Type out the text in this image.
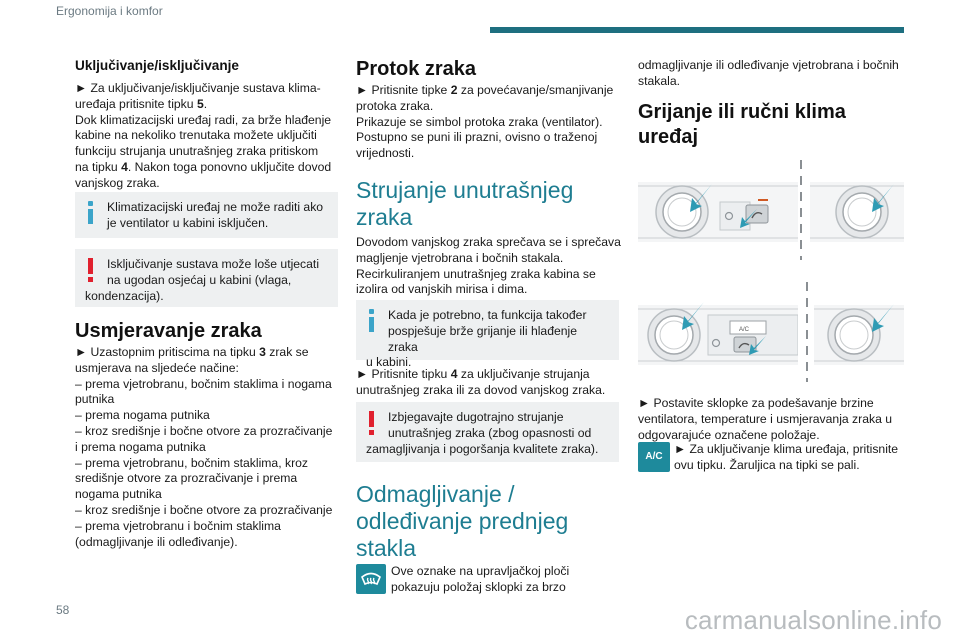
Ergonomija i komfor
Uključivanje/isključivanje
► Za uključivanje/isključivanje sustava klima-
uređaja pritisnite tipku 5.
Dok klimatizacijski uređaj radi, za brže hlađenje
kabine na nekoliko trenutaka možete uključiti
funkciju strujanja unutrašnjeg zraka pritiskom
na tipku 4. Nakon toga ponovno uključite dovod
vanjskog zraka.
Klimatizacijski uređaj ne može raditi ako
je ventilator u kabini isključen.
Isključivanje sustava može loše utjecati
na ugodan osjećaj u kabini (vlaga,
kondenzacija).
Usmjeravanje zraka
► Uzastopnim pritiscima na tipku 3 zrak se
usmjerava na sljedeće načine:
– prema vjetrobranu, bočnim staklima i nogama
putnika
– prema nogama putnika
– kroz središnje i bočne otvore za prozračivanje
i prema nogama putnika
– prema vjetrobranu, bočnim staklima, kroz
središnje otvore za prozračivanje i prema
nogama putnika
– kroz središnje i bočne otvore za prozračivanje
– prema vjetrobranu i bočnim staklima
(odmagljivanje ili odleđivanje).
Protok zraka
► Pritisnite tipke 2 za povećavanje/smanjivanje
protoka zraka.
Prikazuje se simbol protoka zraka (ventilator).
Postupno se puni ili prazni, ovisno o traženoj
vrijednosti.
Strujanje unutrašnjeg
zraka
Dovodom vanjskog zraka sprečava se i sprečava
magljenje vjetrobrana i bočnih stakala.
Recirkuliranjem unutrašnjeg zraka kabina se
izolira od vanjskih mirisa i dima.
Kada je potrebno, ta funkcija također
pospješuje brže grijanje ili hlađenje zraka
u kabini.
► Pritisnite tipku 4 za uključivanje strujanja
unutrašnjeg zraka ili za dovod vanjskog zraka.
Izbjegavajte dugotrajno strujanje
unutrašnjeg zraka (zbog opasnosti od
zamagljivanja i pogoršanja kvalitete zraka).
Odmagljivanje /
odleđivanje prednjeg
stakla
Ove oznake na upravljačkoj ploči
pokazuju položaj sklopki za brzo
odmagljivanje ili odleđivanje vjetrobrana i bočnih
stakala.
Grijanje ili ručni klima
uređaj
A/C
► Postavite sklopke za podešavanje brzine
ventilatora, temperature i usmjeravanja zraka u
odgovarajuće označene položaje.
A/C
► Za uključivanje klima uređaja, pritisnite
ovu tipku. Žaruljica na tipki se pali.
58	carmanualsonline.info
